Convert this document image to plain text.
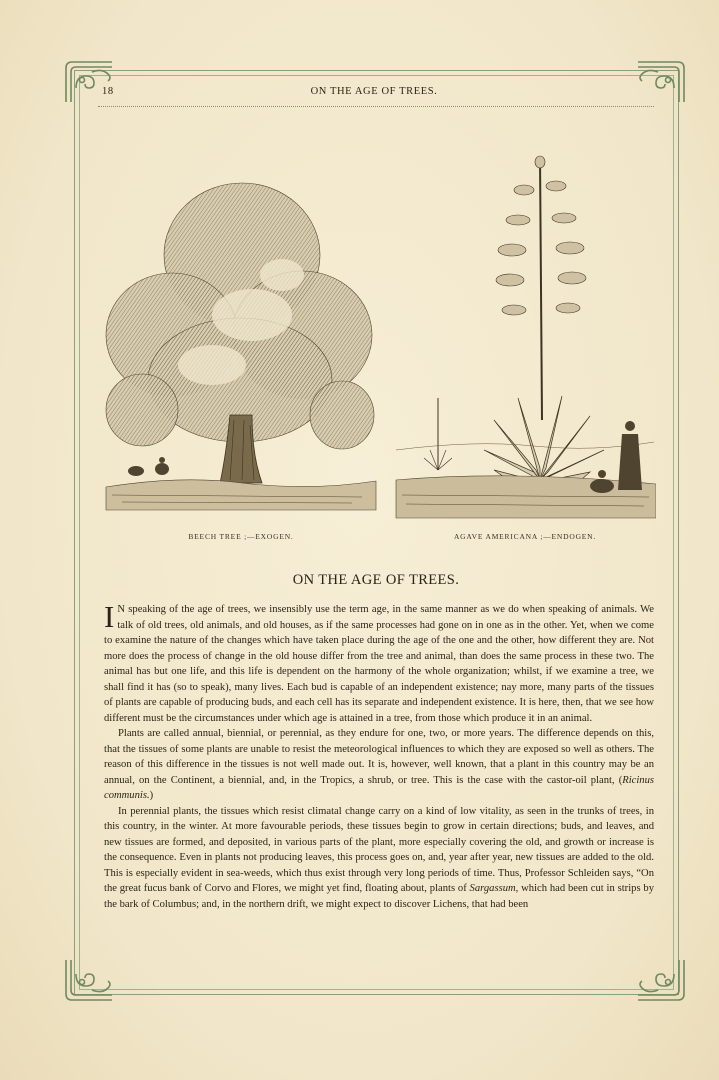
18	ON THE AGE OF TREES.
BEECH TREE ;—EXOGEN.	AGAVE AMERICANA ;—ENDOGEN.
ON THE AGE OF TREES.

I N speaking of the age of trees, we insensibly use the term age, in the same manner as we do when speaking of animals. We talk of old trees, old animals, and old houses, as if the same processes had gone on in one as in the other. Yet, when we come to examine the nature of the changes which have taken place during the age of the one and the other, how different they are. Not more does the process of change in the old house differ from the tree and animal, than does the same process in these two. The animal has but one life, and this life is dependent on the harmony of the whole organization; whilst, if we examine a tree, we shall find it has (so to speak), many lives. Each bud is capable of an independent existence; nay more, many parts of the tissues of plants are capable of producing buds, and each cell has its separate and independent existence. It is here, then, that we see how different must be the circumstances under which age is attained in a tree, from those which produce it in an animal.

Plants are called annual, biennial, or perennial, as they endure for one, two, or more years. The difference depends on this, that the tissues of some plants are unable to resist the meteorological influences to which they are exposed so well as others. The reason of this difference in the tissues is not well made out. It is, however, well known, that a plant in this country may be an annual, on the Continent, a biennial, and, in the Tropics, a shrub, or tree. This is the case with the castor-oil plant, (Ricinus communis.)

In perennial plants, the tissues which resist climatal change carry on a kind of low vitality, as seen in the trunks of trees, in this country, in the winter. At more favourable periods, these tissues begin to grow in certain directions; buds, and leaves, and new tissues are formed, and deposited, in various parts of the plant, more especially covering the old, and growth or increase is the consequence. Even in plants not producing leaves, this process goes on, and, year after year, new tissues are added to the old. This is especially evident in sea-weeds, which thus exist through very long periods of time. Thus, Professor Schleiden says, “On the great fucus bank of Corvo and Flores, we might yet find, floating about, plants of Sargassum, which had been cut in strips by the bark of Columbus; and, in the northern drift, we might expect to discover Lichens, that had been
